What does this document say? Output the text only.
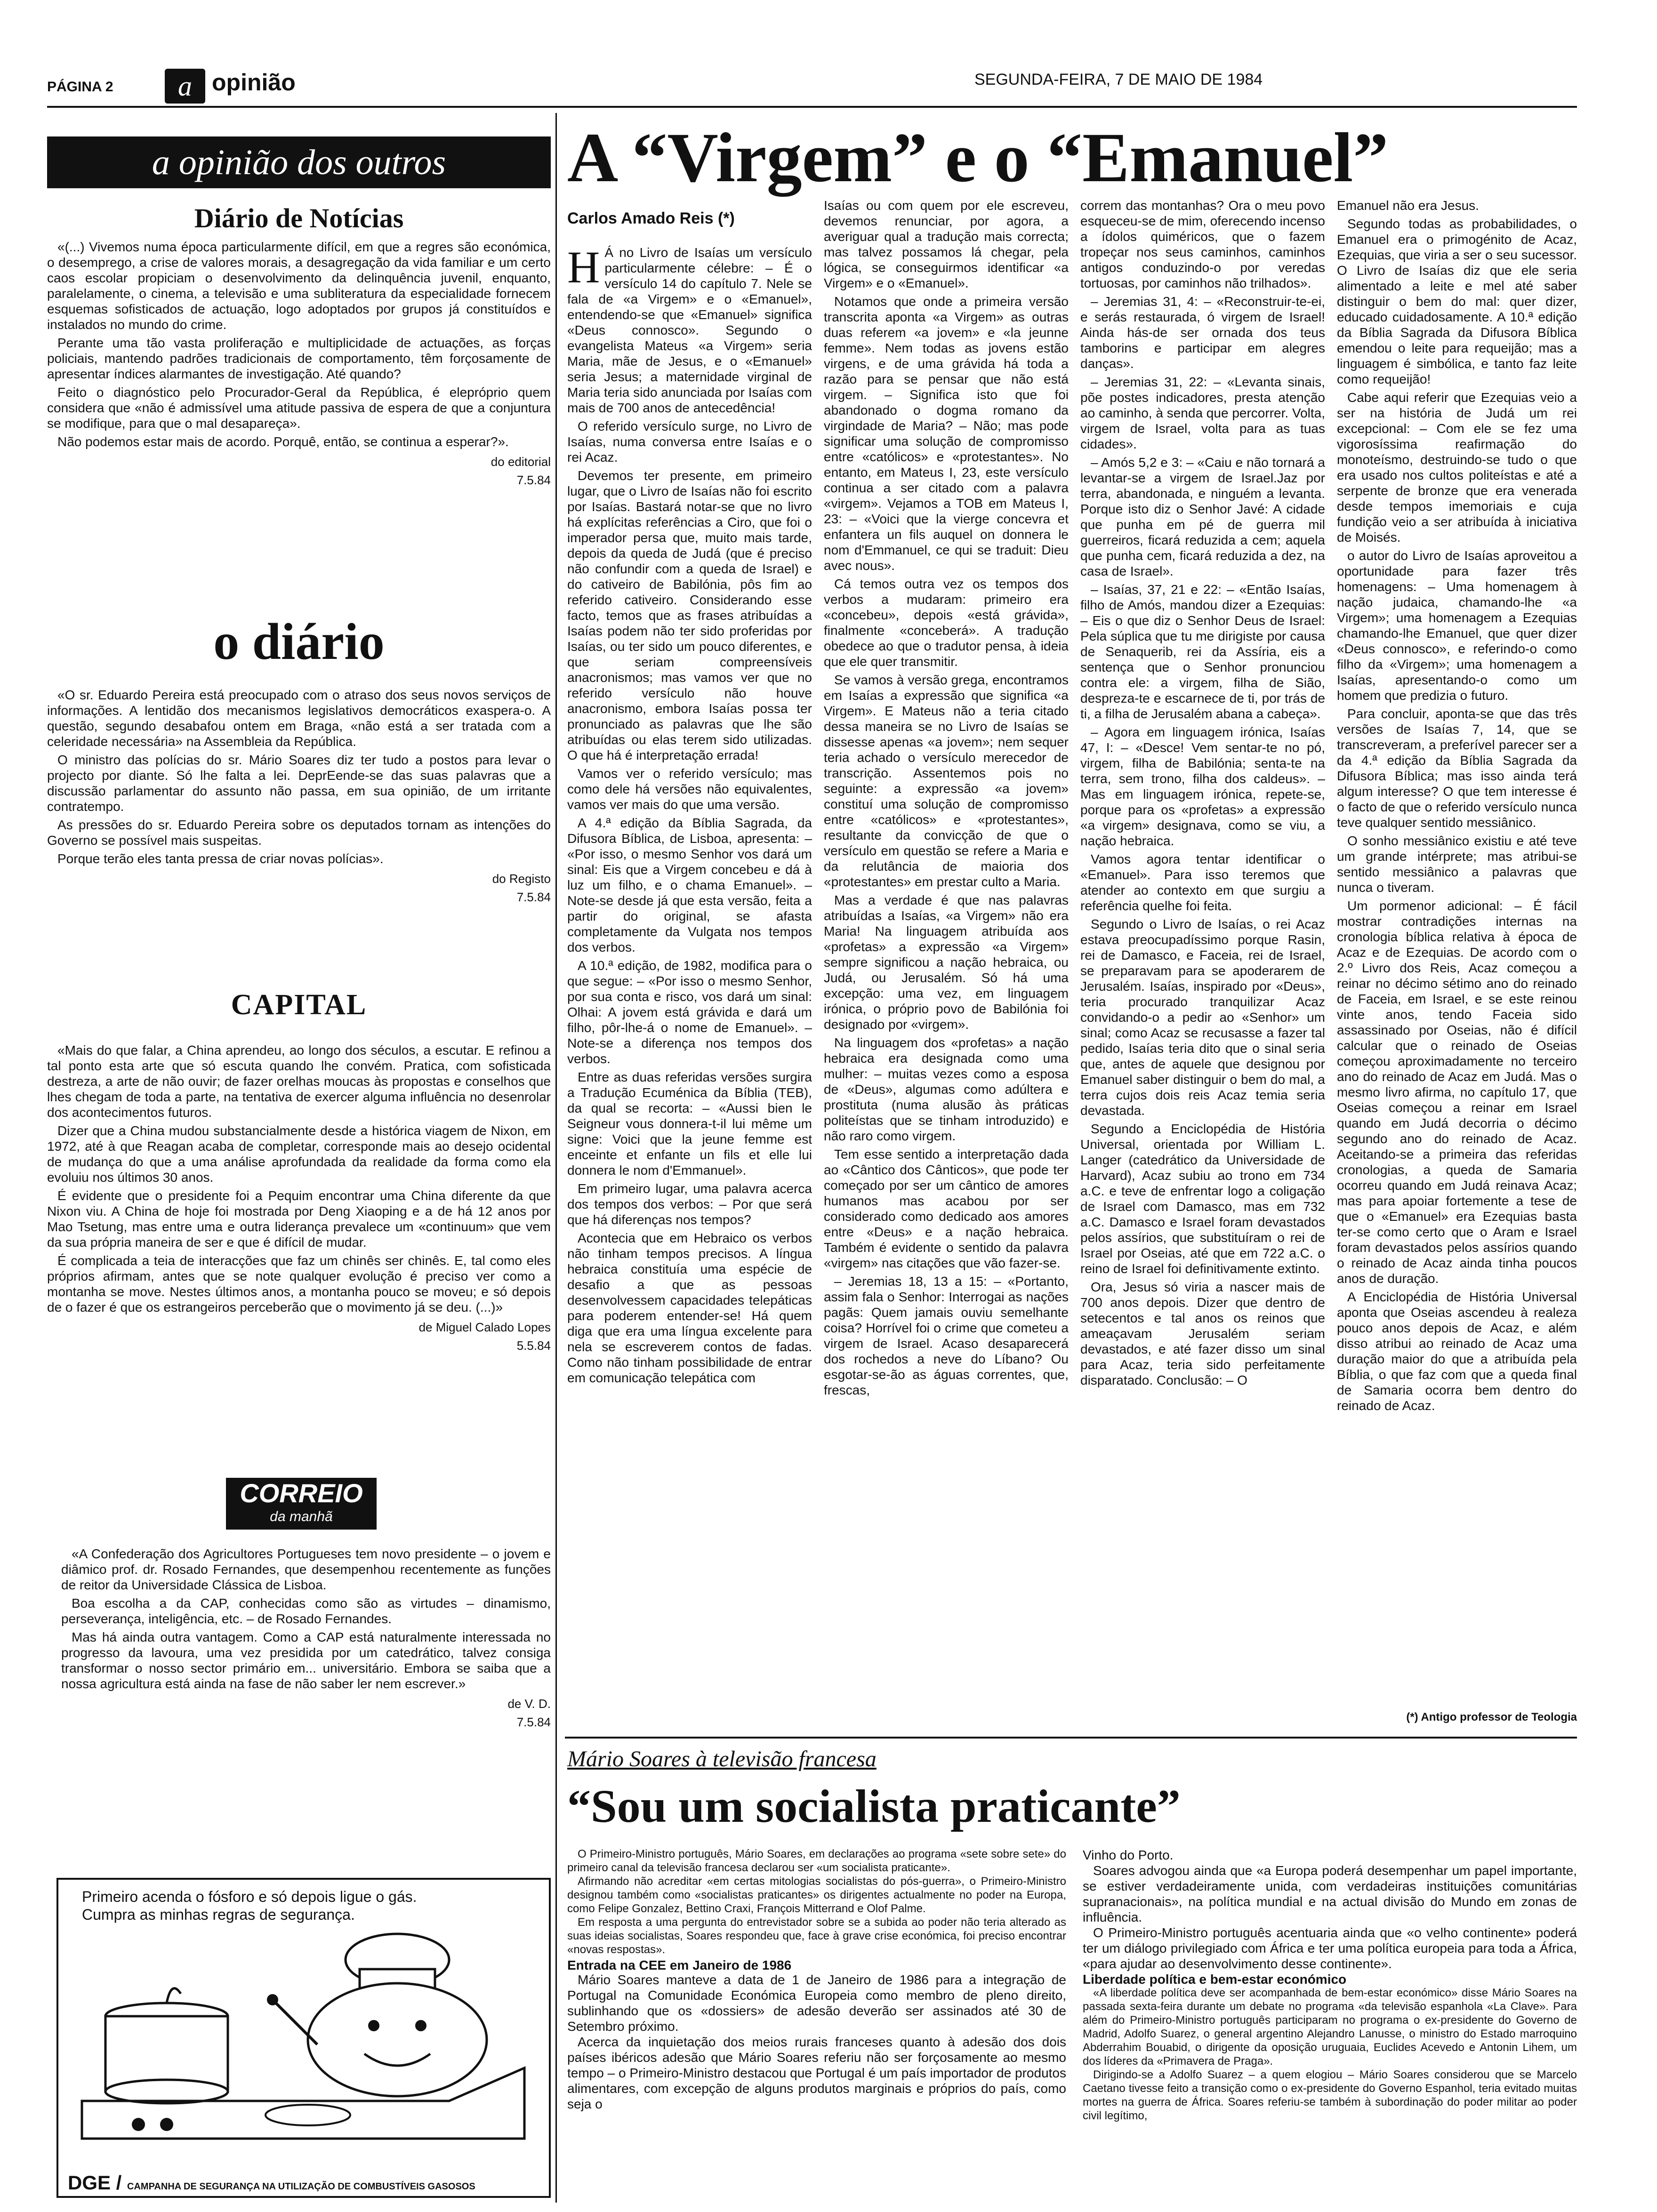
PÁGINA 2	a opinião	SEGUNDA-FEIRA, 7 DE MAIO DE 1984
a opinião dos outros
Diário de Notícias

«(...) Vivemos numa época particularmente difícil, em que a regres são económica, o desemprego, a crise de valores morais, a desagregação da vida familiar e um certo caos escolar propiciam o desenvolvimento da delinquência juvenil, enquanto, paralelamente, o cinema, a televisão e uma subliteratura da especialidade fornecem esquemas sofisticados de actuação, logo adoptados por grupos já constituídos e instalados no mundo do crime.

Perante uma tão vasta proliferação e multiplicidade de actuações, as forças policiais, mantendo padrões tradicionais de comportamento, têm forçosamente de apresentar índices alarmantes de investigação. Até quando?

Feito o diagnóstico pelo Procurador-Geral da República, é elepróprio quem considera que «não é admissível uma atitude passiva de espera de que a conjuntura se modifique, para que o mal desapareça».

Não podemos estar mais de acordo. Porquê, então, se continua a esperar?».

do editorial
7.5.84
o diário

«O sr. Eduardo Pereira está preocupado com o atraso dos seus novos serviços de informações. A lentidão dos mecanismos legislativos democráticos exaspera-o. A questão, segundo desabafou ontem em Braga, «não está a ser tratada com a celeridade necessária» na Assembleia da República.

O ministro das polícias do sr. Mário Soares diz ter tudo a postos para levar o projecto por diante. Só lhe falta a lei. DeprEende-se das suas palavras que a discussão parlamentar do assunto não passa, em sua opinião, de um irritante contratempo.

As pressões do sr. Eduardo Pereira sobre os deputados tornam as intenções do Governo se possível mais suspeitas.

Porque terão eles tanta pressa de criar novas polícias».

do Registo
7.5.84
CAPITAL

«Mais do que falar, a China aprendeu, ao longo dos séculos, a escutar. E refinou a tal ponto esta arte que só escuta quando lhe convém. Pratica, com sofisticada destreza, a arte de não ouvir; de fazer orelhas moucas às propostas e conselhos que lhes chegam de toda a parte, na tentativa de exercer alguma influência no desenrolar dos acontecimentos futuros.

Dizer que a China mudou substancialmente desde a histórica viagem de Nixon, em 1972, até à que Reagan acaba de completar, corresponde mais ao desejo ocidental de mudança do que a uma análise aprofundada da realidade da forma como ela evoluiu nos últimos 30 anos.

É evidente que o presidente foi a Pequim encontrar uma China diferente da que Nixon viu. A China de hoje foi mostrada por Deng Xiaoping e a de há 12 anos por Mao Tsetung, mas entre uma e outra liderança prevalece um «continuum» que vem da sua própria maneira de ser e que é difícil de mudar.

É complicada a teia de interacções que faz um chinês ser chinês. E, tal como eles próprios afirmam, antes que se note qualquer evolução é preciso ver como a montanha se move. Nestes últimos anos, a montanha pouco se moveu; e só depois de o fazer é que os estrangeiros perceberão que o movimento já se deu. (...)»

de Miguel Calado Lopes
5.5.84
CORREIO
da manhã

«A Confederação dos Agricultores Portugueses tem novo presidente – o jovem e diâmico prof. dr. Rosado Fernandes, que desempenhou recentemente as funções de reitor da Universidade Clássica de Lisboa.

Boa escolha a da CAP, conhecidas como são as virtudes – dinamismo, perseverança, inteligência, etc. – de Rosado Fernandes.

Mas há ainda outra vantagem. Como a CAP está naturalmente interessada no progresso da lavoura, uma vez presidida por um catedrático, talvez consiga transformar o nosso sector primário em... universitário. Embora se saiba que a nossa agricultura está ainda na fase de não saber ler nem escrever.»

de V. D.
7.5.84
Primeiro acenda o fósforo e só depois ligue o gás.
Cumpra as minhas regras de segurança.
DGE / CAMPANHA DE SEGURANÇA NA UTILIZAÇÃO DE COMBUSTÍVEIS GASOSOS
A “Virgem” e o “Emanuel”
Carlos Amado Reis (*)
H Á no Livro de Isaías um versículo particularmente célebre: – É o versículo 14 do capítulo 7. Nele se fala de «a Virgem» e o «Emanuel», entendendo-se que «Emanuel» significa «Deus connosco». Segundo o evangelista Mateus «a Virgem» seria Maria, mãe de Jesus, e o «Emanuel» seria Jesus; a maternidade virginal de Maria teria sido anunciada por Isaías com mais de 700 anos de antecedência!

O referido versículo surge, no Livro de Isaías, numa conversa entre Isaías e o rei Acaz.

Devemos ter presente, em primeiro lugar, que o Livro de Isaías não foi escrito por Isaías. Bastará notar-se que no livro há explícitas referências a Ciro, que foi o imperador persa que, muito mais tarde, depois da queda de Judá (que é preciso não confundir com a queda de Israel) e do cativeiro de Babilónia, pôs fim ao referido cativeiro. Considerando esse facto, temos que as frases atribuídas a Isaías podem não ter sido proferidas por Isaías, ou ter sido um pouco diferentes, e que seriam compreensíveis anacronismos; mas vamos ver que no referido versículo não houve anacronismo, embora Isaías possa ter pronunciado as palavras que lhe são atribuídas ou elas terem sido utilizadas. O que há é interpretação errada!

Vamos ver o referido versículo; mas como dele há versões não equivalentes, vamos ver mais do que uma versão.

A 4.ª edição da Bíblia Sagrada, da Difusora Bíblica, de Lisboa, apresenta: – «Por isso, o mesmo Senhor vos dará um sinal: Eis que a Virgem concebeu e dá à luz um filho, e o chama Emanuel». – Note-se desde já que esta versão, feita a partir do original, se afasta completamente da Vulgata nos tempos dos verbos.

A 10.ª edição, de 1982, modifica para o que segue: – «Por isso o mesmo Senhor, por sua conta e risco, vos dará um sinal: Olhai: A jovem está grávida e dará um filho, pôr-lhe-á o nome de Emanuel». – Note-se a diferença nos tempos dos verbos.

Entre as duas referidas versões surgira a Tradução Ecuménica da Bíblia (TEB), da qual se recorta: – «Aussi bien le Seigneur vous donnera-t-il lui même um signe: Voici que la jeune femme est enceinte et enfante un fils et elle lui donnera le nom d'Emmanuel».

Em primeiro lugar, uma palavra acerca dos tempos dos verbos: – Por que será que há diferenças nos tempos?

Acontecia que em Hebraico os verbos não tinham tempos precisos. A língua hebraica constituía uma espécie de desafio a que as pessoas desenvolvessem capacidades telepáticas para poderem entender-se! Há quem diga que era uma língua excelente para nela se escreverem contos de fadas. Como não tinham possibilidade de entrar em comunicação telepática com

Isaías ou com quem por ele escreveu, devemos renunciar, por agora, a averiguar qual a tradução mais correcta; mas talvez possamos lá chegar, pela lógica, se conseguirmos identificar «a Virgem» e o «Emanuel».

Notamos que onde a primeira versão transcrita aponta «a Virgem» as outras duas referem «a jovem» e «la jeunne femme». Nem todas as jovens estão virgens, e de uma grávida há toda a razão para se pensar que não está virgem. – Significa isto que foi abandonado o dogma romano da virgindade de Maria? – Não; mas pode significar uma solução de compromisso entre «católicos» e «protestantes». No entanto, em Mateus I, 23, este versículo continua a ser citado com a palavra «virgem». Vejamos a TOB em Mateus I, 23: – «Voici que la vierge concevra et enfantera un fils auquel on donnera le nom d'Emmanuel, ce qui se traduit: Dieu avec nous».

Cá temos outra vez os tempos dos verbos a mudaram: primeiro era «concebeu», depois «está grávida», finalmente «conceberá». A tradução obedece ao que o tradutor pensa, à ideia que ele quer transmitir.

Se vamos à versão grega, encontramos em Isaías a expressão que significa «a Virgem». E Mateus não a teria citado dessa maneira se no Livro de Isaías se dissesse apenas «a jovem»; nem sequer teria achado o versículo merecedor de transcrição. Assentemos pois no seguinte: a expressão «a jovem» constituí uma solução de compromisso entre «católicos» e «protestantes», resultante da convicção de que o versículo em questão se refere a Maria e da relutância de maioria dos «protestantes» em prestar culto a Maria.

Mas a verdade é que nas palavras atribuídas a Isaías, «a Virgem» não era Maria! Na linguagem atribuída aos «profetas» a expressão «a Virgem» sempre significou a nação hebraica, ou Judá, ou Jerusalém. Só há uma excepção: uma vez, em linguagem irónica, o próprio povo de Babilónia foi designado por «virgem».

Na linguagem dos «profetas» a nação hebraica era designada como uma mulher: – muitas vezes como a esposa de «Deus», algumas como adúltera e prostituta (numa alusão às práticas politeístas que se tinham introduzido) e não raro como virgem.

Tem esse sentido a interpretação dada ao «Cântico dos Cânticos», que pode ter começado por ser um cântico de amores humanos mas acabou por ser considerado como dedicado aos amores entre «Deus» e a nação hebraica. Também é evidente o sentido da palavra «virgem» nas citações que vão fazer-se.

– Jeremias 18, 13 a 15: – «Portanto, assim fala o Senhor: Interrogai as nações pagãs: Quem jamais ouviu semelhante coisa? Horrível foi o crime que cometeu a virgem de Israel. Acaso desaparecerá dos rochedos a neve do Líbano? Ou esgotar-se-ão as águas correntes, que, frescas,

correm das montanhas? Ora o meu povo esqueceu-se de mim, oferecendo incenso a ídolos quiméricos, que o fazem tropeçar nos seus caminhos, caminhos antigos conduzindo-o por veredas tortuosas, por caminhos não trilhados».

– Jeremias 31, 4: – «Reconstruir-te-ei, e serás restaurada, ó virgem de Israel! Ainda hás-de ser ornada dos teus tamborins e participar em alegres danças».

– Jeremias 31, 22: – «Levanta sinais, põe postes indicadores, presta atenção ao caminho, à senda que percorrer. Volta, virgem de Israel, volta para as tuas cidades».

– Amós 5,2 e 3: – «Caiu e não tornará a levantar-se a virgem de Israel.Jaz por terra, abandonada, e ninguém a levanta. Porque isto diz o Senhor Javé: A cidade que punha em pé de guerra mil guerreiros, ficará reduzida a cem; aquela que punha cem, ficará reduzida a dez, na casa de Israel».

– Isaías, 37, 21 e 22: – «Então Isaías, filho de Amós, mandou dizer a Ezequias: – Eis o que diz o Senhor Deus de Israel: Pela súplica que tu me dirigiste por causa de Senaquerib, rei da Assíria, eis a sentença que o Senhor pronunciou contra ele: a virgem, filha de Sião, despreza-te e escarnece de ti, por trás de ti, a filha de Jerusalém abana a cabeça».

– Agora em linguagem irónica, Isaías 47, I: – «Desce! Vem sentar-te no pó, virgem, filha de Babilónia; senta-te na terra, sem trono, filha dos caldeus». – Mas em linguagem irónica, repete-se, porque para os «profetas» a expressão «a virgem» designava, como se viu, a nação hebraica.

Vamos agora tentar identificar o «Emanuel». Para isso teremos que atender ao contexto em que surgiu a referência quelhe foi feita.

Segundo o Livro de Isaías, o rei Acaz estava preocupadíssimo porque Rasin, rei de Damasco, e Faceia, rei de Israel, se preparavam para se apoderarem de Jerusalém. Isaías, inspirado por «Deus», teria procurado tranquilizar Acaz convidando-o a pedir ao «Senhor» um sinal; como Acaz se recusasse a fazer tal pedido, Isaías teria dito que o sinal seria que, antes de aquele que designou por Emanuel saber distinguir o bem do mal, a terra cujos dois reis Acaz temia seria devastada.

Segundo a Enciclopédia de História Universal, orientada por William L. Langer (catedrático da Universidade de Harvard), Acaz subiu ao trono em 734 a.C. e teve de enfrentar logo a coligação de Israel com Damasco, mas em 732 a.C. Damasco e Israel foram devastados pelos assírios, que substituíram o rei de Israel por Oseias, até que em 722 a.C. o reino de Israel foi definitivamente extinto.

Ora, Jesus só viria a nascer mais de 700 anos depois. Dizer que dentro de setecentos e tal anos os reinos que ameaçavam Jerusalém seriam devastados, e até fazer disso um sinal para Acaz, teria sido perfeitamente disparatado. Conclusão: – O

Emanuel não era Jesus.

Segundo todas as probabilidades, o Emanuel era o primogénito de Acaz, Ezequias, que viria a ser o seu sucessor. O Livro de Isaías diz que ele seria alimentado a leite e mel até saber distinguir o bem do mal: quer dizer, educado cuidadosamente. A 10.ª edição da Bíblia Sagrada da Difusora Bíblica emendou o leite para requeijão; mas a linguagem é simbólica, e tanto faz leite como requeijão!

Cabe aqui referir que Ezequias veio a ser na história de Judá um rei excepcional: – Com ele se fez uma vigorosíssima reafirmação do monoteísmo, destruindo-se tudo o que era usado nos cultos politeístas e até a serpente de bronze que era venerada desde tempos imemoriais e cuja fundição veio a ser atribuída à iniciativa de Moisés.

o autor do Livro de Isaías aproveitou a oportunidade para fazer três homenagens: – Uma homenagem à nação judaica, chamando-lhe «a Virgem»; uma homenagem a Ezequias chamando-lhe Emanuel, que quer dizer «Deus connosco», e referindo-o como filho da «Virgem»; uma homenagem a Isaías, apresentando-o como um homem que predizia o futuro.

Para concluir, aponta-se que das três versões de Isaías 7, 14, que se transcreveram, a preferível parecer ser a da 4.ª edição da Bíblia Sagrada da Difusora Bíblica; mas isso ainda terá algum interesse? O que tem interesse é o facto de que o referido versículo nunca teve qualquer sentido messiânico.

O sonho messiânico existiu e até teve um grande intérprete; mas atribui-se sentido messiânico a palavras que nunca o tiveram.

Um pormenor adicional: – É fácil mostrar contradições internas na cronologia bíblica relativa à época de Acaz e de Ezequias. De acordo com o 2.º Livro dos Reis, Acaz começou a reinar no décimo sétimo ano do reinado de Faceia, em Israel, e se este reinou vinte anos, tendo Faceia sido assassinado por Oseias, não é difícil calcular que o reinado de Oseias começou aproximadamente no terceiro ano do reinado de Acaz em Judá. Mas o mesmo livro afirma, no capítulo 17, que Oseias começou a reinar em Israel quando em Judá decorria o décimo segundo ano do reinado de Acaz. Aceitando-se a primeira das referidas cronologias, a queda de Samaria ocorreu quando em Judá reinava Acaz; mas para apoiar fortemente a tese de que o «Emanuel» era Ezequias basta ter-se como certo que o Aram e Israel foram devastados pelos assírios quando o reinado de Acaz ainda tinha poucos anos de duração.

A Enciclopédia de História Universal aponta que Oseias ascendeu à realeza pouco anos depois de Acaz, e além disso atribui ao reinado de Acaz uma duração maior do que a atribuída pela Bíblia, o que faz com que a queda final de Samaria ocorra bem dentro do reinado de Acaz.

(*) Antigo professor de Teologia
Mário Soares à televisão francesa
“Sou um socialista praticante”

O Primeiro-Ministro português, Mário Soares, em declarações ao programa «sete sobre sete» do primeiro canal da televisão francesa declarou ser «um socialista praticante».

Afirmando não acreditar «em certas mitologias socialistas do pós-guerra», o Primeiro-Ministro designou também como «socialistas praticantes» os dirigentes actualmente no poder na Europa, como Felipe Gonzalez, Bettino Craxi, François Mitterrand e Olof Palme.

Em resposta a uma pergunta do entrevistador sobre se a subida ao poder não teria alterado as suas ideias socialistas, Soares respondeu que, face à grave crise económica, foi preciso encontrar «novas respostas».

Entrada na CEE em Janeiro de 1986

Mário Soares manteve a data de 1 de Janeiro de 1986 para a integração de Portugal na Comunidade Económica Europeia como membro de pleno direito, sublinhando que os «dossiers» de adesão deverão ser assinados até 30 de Setembro próximo.

Acerca da inquietação dos meios rurais franceses quanto à adesão dos dois países ibéricos adesão que Mário Soares referiu não ser forçosamente ao mesmo tempo – o Primeiro-Ministro destacou que Portugal é um país importador de produtos alimentares, com excepção de alguns produtos marginais e próprios do país, como seja o

Vinho do Porto.

Soares advogou ainda que «a Europa poderá desempenhar um papel importante, se estiver verdadeiramente unida, com verdadeiras instituições comunitárias supranacionais», na política mundial e na actual divisão do Mundo em zonas de influência.

O Primeiro-Ministro português acentuaria ainda que «o velho continente» poderá ter um diálogo privilegiado com África e ter uma política europeia para toda a África, «para ajudar ao desenvolvimento desse continente».

Liberdade política e bem-estar económico

«A liberdade política deve ser acompanhada de bem-estar económico» disse Mário Soares na passada sexta-feira durante um debate no programa «da televisão espanhola «La Clave». Para além do Primeiro-Ministro português participaram no programa o ex-presidente do Governo de Madrid, Adolfo Suarez, o general argentino Alejandro Lanusse, o ministro do Estado marroquino Abderrahim Bouabid, o dirigente da oposição uruguaia, Euclides Acevedo e Antonin Lihem, um dos líderes da «Primavera de Praga».

Dirigindo-se a Adolfo Suarez – a quem elogiou – Mário Soares considerou que se Marcelo Caetano tivesse feito a transição como o ex-presidente do Governo Espanhol, teria evitado muitas mortes na guerra de África. Soares referiu-se também à subordinação do poder militar ao poder civil legítimo,
